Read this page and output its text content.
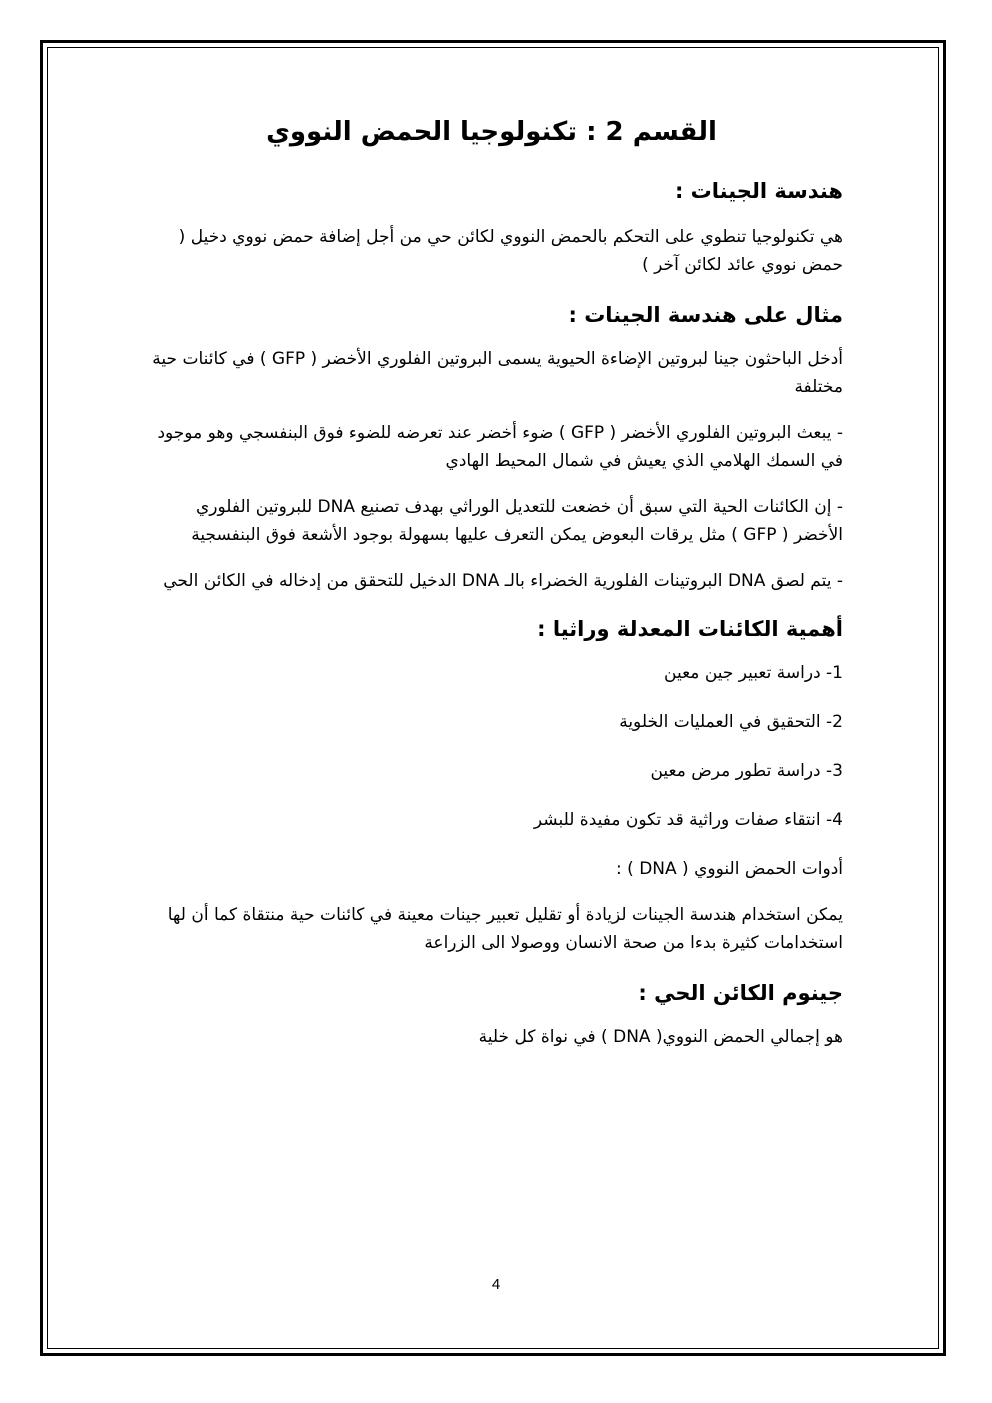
القسم 2 : تكنولوجيا الحمض النووي
هندسة الجينات :

هي تكنولوجيا تنطوي على التحكم بالحمض النووي لكائن حي من أجل إضافة حمض نووي دخيل ( حمض نووي عائد لكائن آخر )

مثال على هندسة الجينات :

أدخل الباحثون جينا لبروتين الإضاءة الحيوية يسمى البروتين الفلوري الأخضر ( GFP ) في كائنات حية مختلفة

- يبعث البروتين الفلوري الأخضر ( GFP ) ضوء أخضر عند تعرضه للضوء فوق البنفسجي وهو موجود في السمك الهلامي الذي يعيش في شمال المحيط الهادي

- إن الكائنات الحية التي سبق أن خضعت للتعديل الوراثي بهدف تصنيع DNA للبروتين الفلوري الأخضر ( GFP ) مثل يرقات البعوض يمكن التعرف عليها بسهولة بوجود الأشعة فوق البنفسجية

- يتم لصق DNA البروتينات الفلورية الخضراء بالـ DNA الدخيل للتحقق من إدخاله في الكائن الحي

أهمية الكائنات المعدلة وراثيا :

1- دراسة تعبير جين معين

2- التحقيق في العمليات الخلوية

3- دراسة تطور مرض معين

4- انتقاء صفات وراثية قد تكون مفيدة للبشر

أدوات الحمض النووي ( DNA ) :

يمكن استخدام هندسة الجينات لزيادة أو تقليل تعبير جينات معينة في كائنات حية منتقاة كما أن لها استخدامات كثيرة بدءا من صحة الانسان ووصولا الى الزراعة

جينوم الكائن الحي :

هو إجمالي الحمض النووي( DNA ) في نواة كل خلية

4
